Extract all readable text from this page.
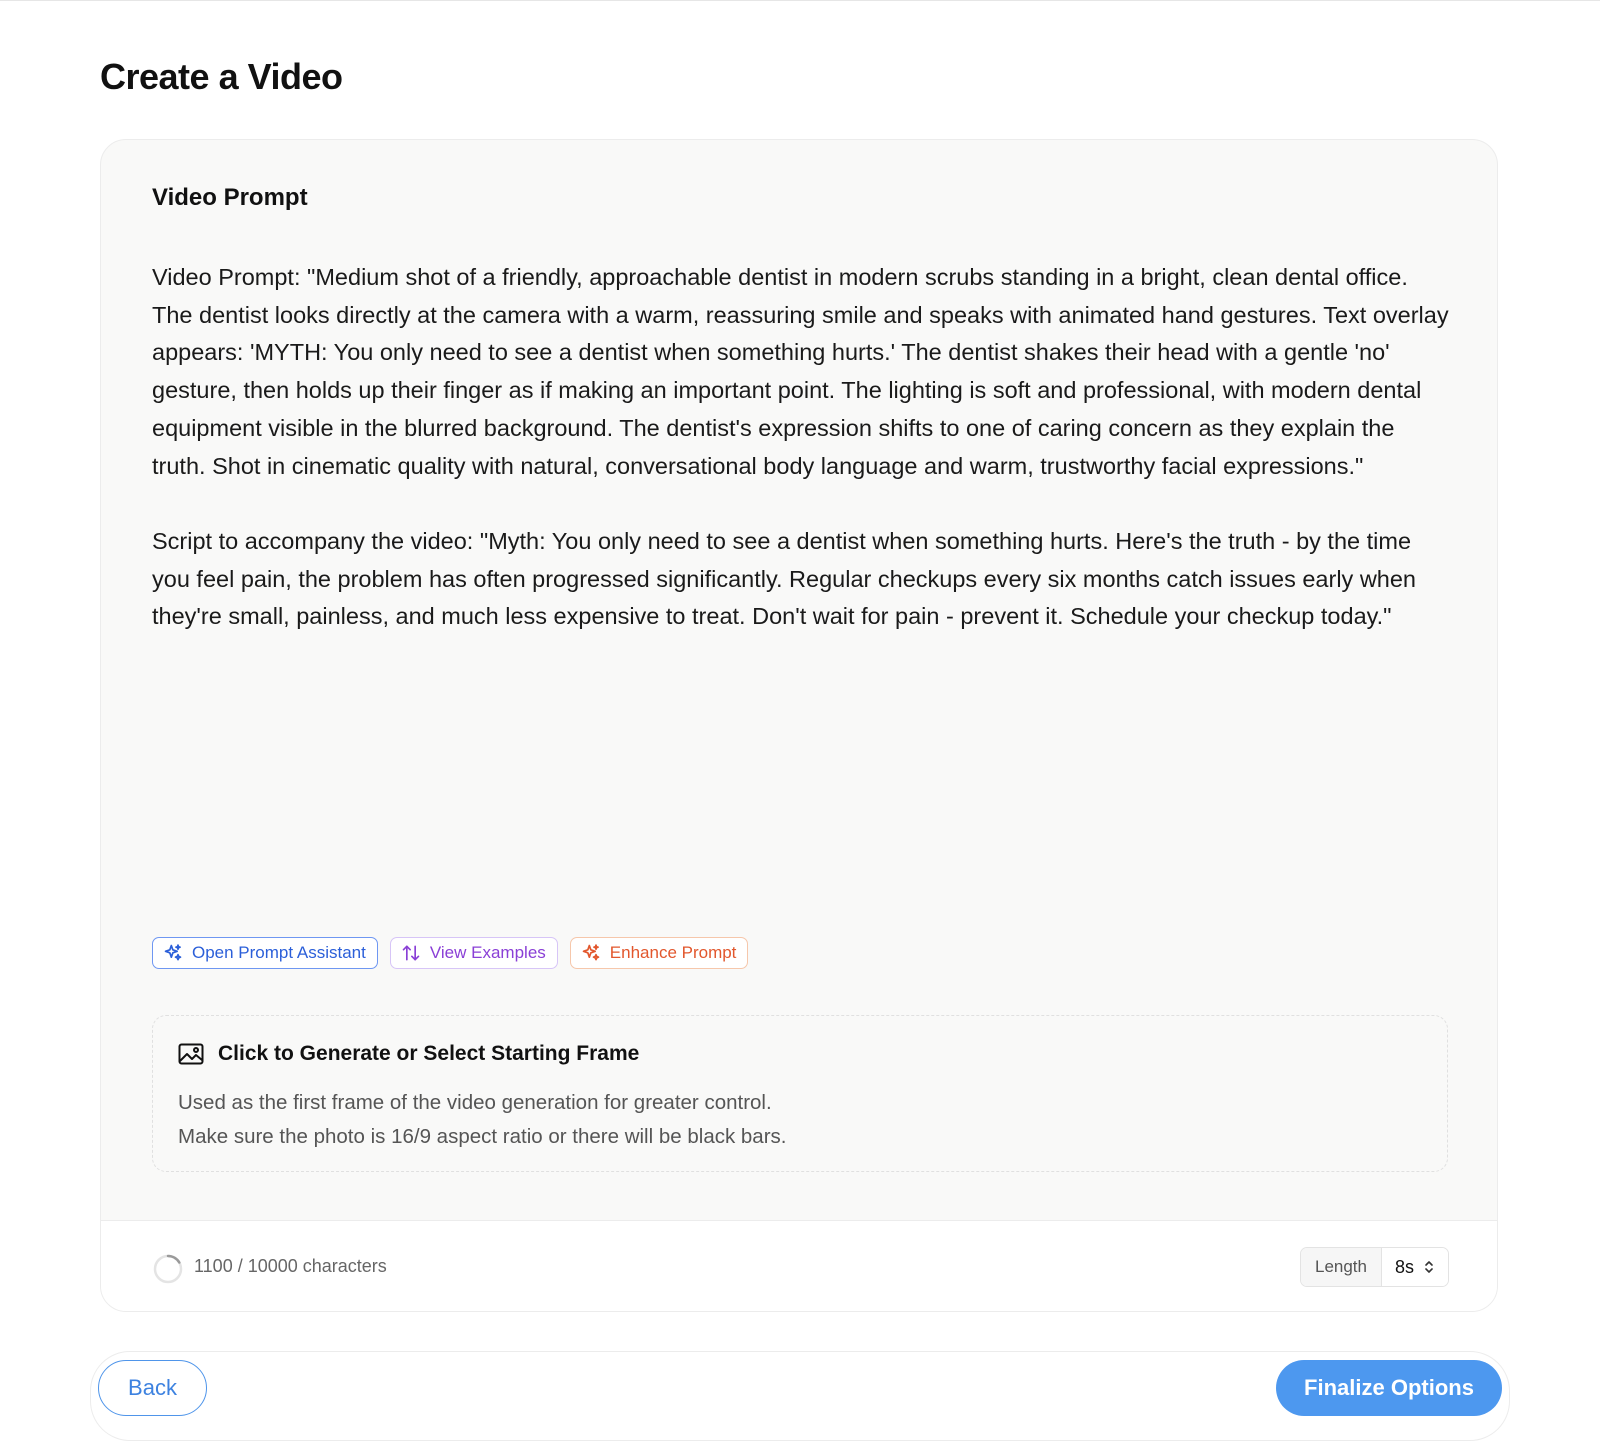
Create a Video
Video Prompt

Video Prompt: "Medium shot of a friendly, approachable dentist in modern scrubs standing in a bright, clean dental office. The dentist looks directly at the camera with a warm, reassuring smile and speaks with animated hand gestures. Text overlay appears: 'MYTH: You only need to see a dentist when something hurts.' The dentist shakes their head with a gentle 'no' gesture, then holds up their finger as if making an important point. The lighting is soft and professional, with modern dental equipment visible in the blurred background. The dentist's expression shifts to one of caring concern as they explain the truth. Shot in cinematic quality with natural, conversational body language and warm, trustworthy facial expressions."

Script to accompany the video: "Myth: You only need to see a dentist when something hurts. Here's the truth - by the time you feel pain, the problem has often progressed significantly. Regular checkups every six months catch issues early when they're small, painless, and much less expensive to treat. Don't wait for pain - prevent it. Schedule your checkup today."

Open Prompt Assistant	View Examples	Enhance Prompt
Click to Generate or Select Starting Frame
Used as the first frame of the video generation for greater control.
Make sure the photo is 16/9 aspect ratio or there will be black bars.
1100 / 10000 characters	Length	8s
Back	Finalize Options
